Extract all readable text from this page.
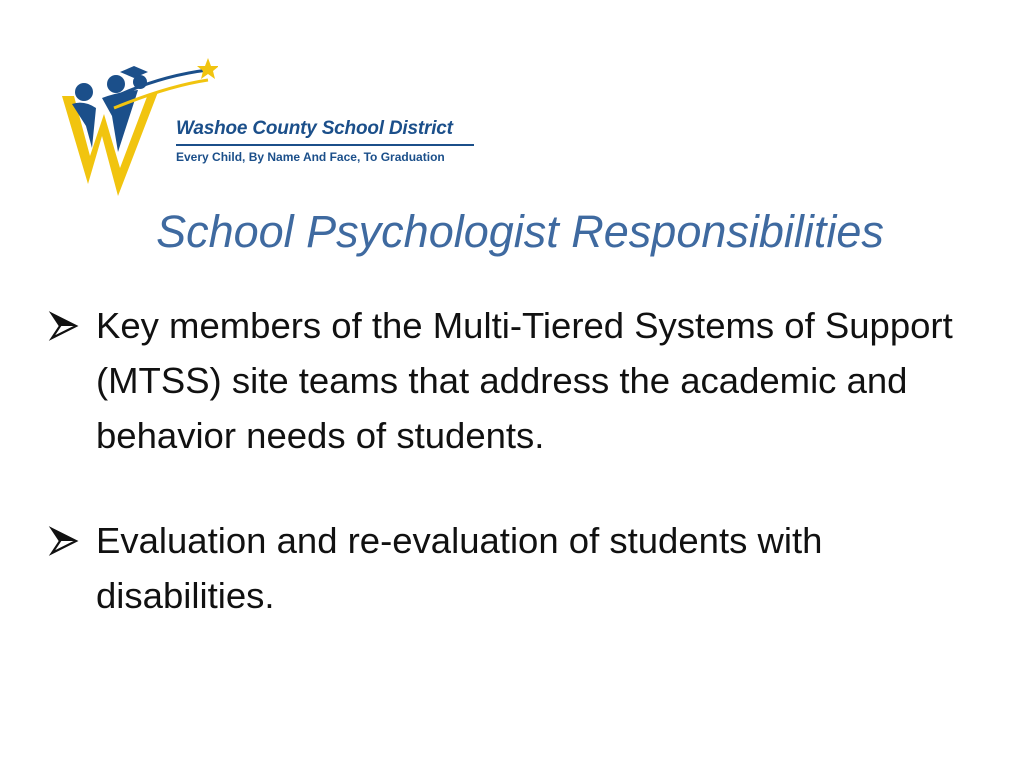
Washoe County School District
Every Child, By Name And Face, To Graduation
School Psychologist Responsibilities
Key members of the Multi-Tiered Systems of Support (MTSS) site teams that address the academic and behavior needs of students.
Evaluation and re-evaluation of students with disabilities.
